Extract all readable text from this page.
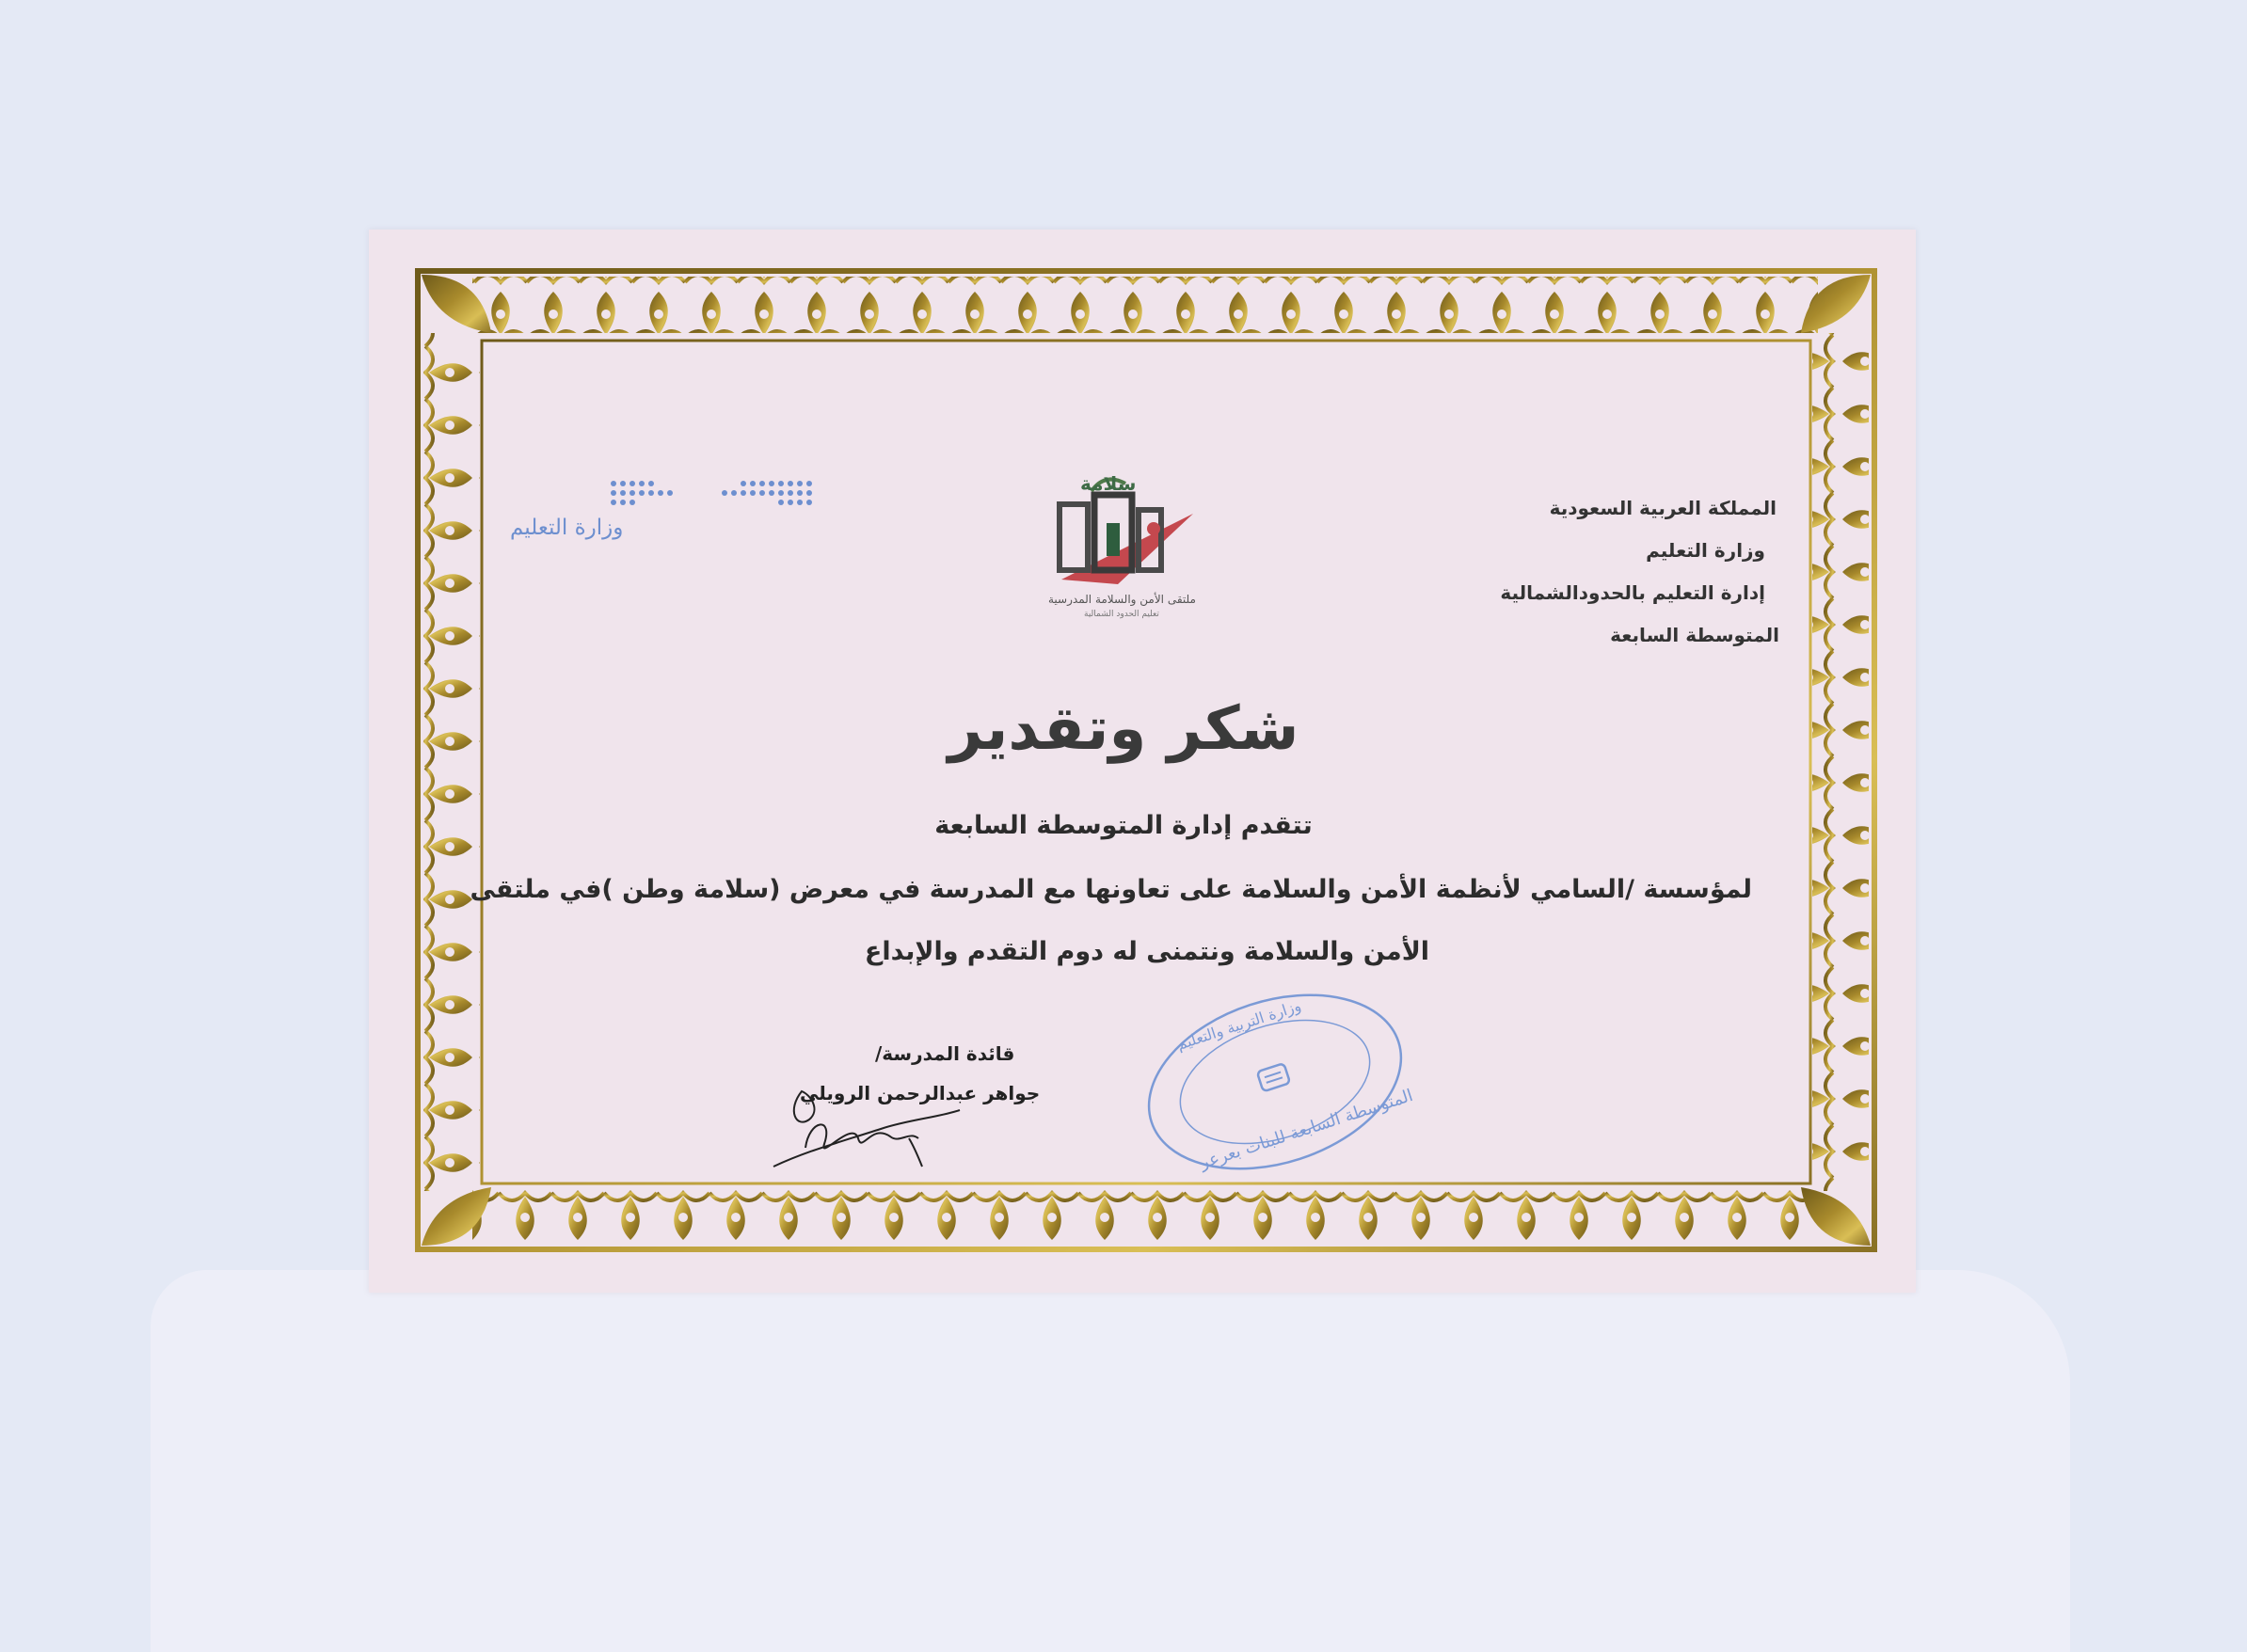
وزارة التعليم
سلامة
ملتقى الأمن والسلامة المدرسية
تعليم الحدود الشمالية
المملكة العربية السعودية
وزارة التعليم
إدارة التعليم بالحدودالشمالية
المتوسطة السابعة
شكر وتقدير
تتقدم إدارة المتوسطة السابعة
لمؤسسة /السامي لأنظمة الأمن والسلامة على تعاونها مع المدرسة في معرض (سلامة وطن )في ملتقى
الأمن والسلامة ونتمنى له دوم التقدم والإبداع
قائدة المدرسة/
جواهر عبدالرحمن الرويلي	المتوسطة السابعة للبنات بعرعر
وزارة التربية والتعليم
